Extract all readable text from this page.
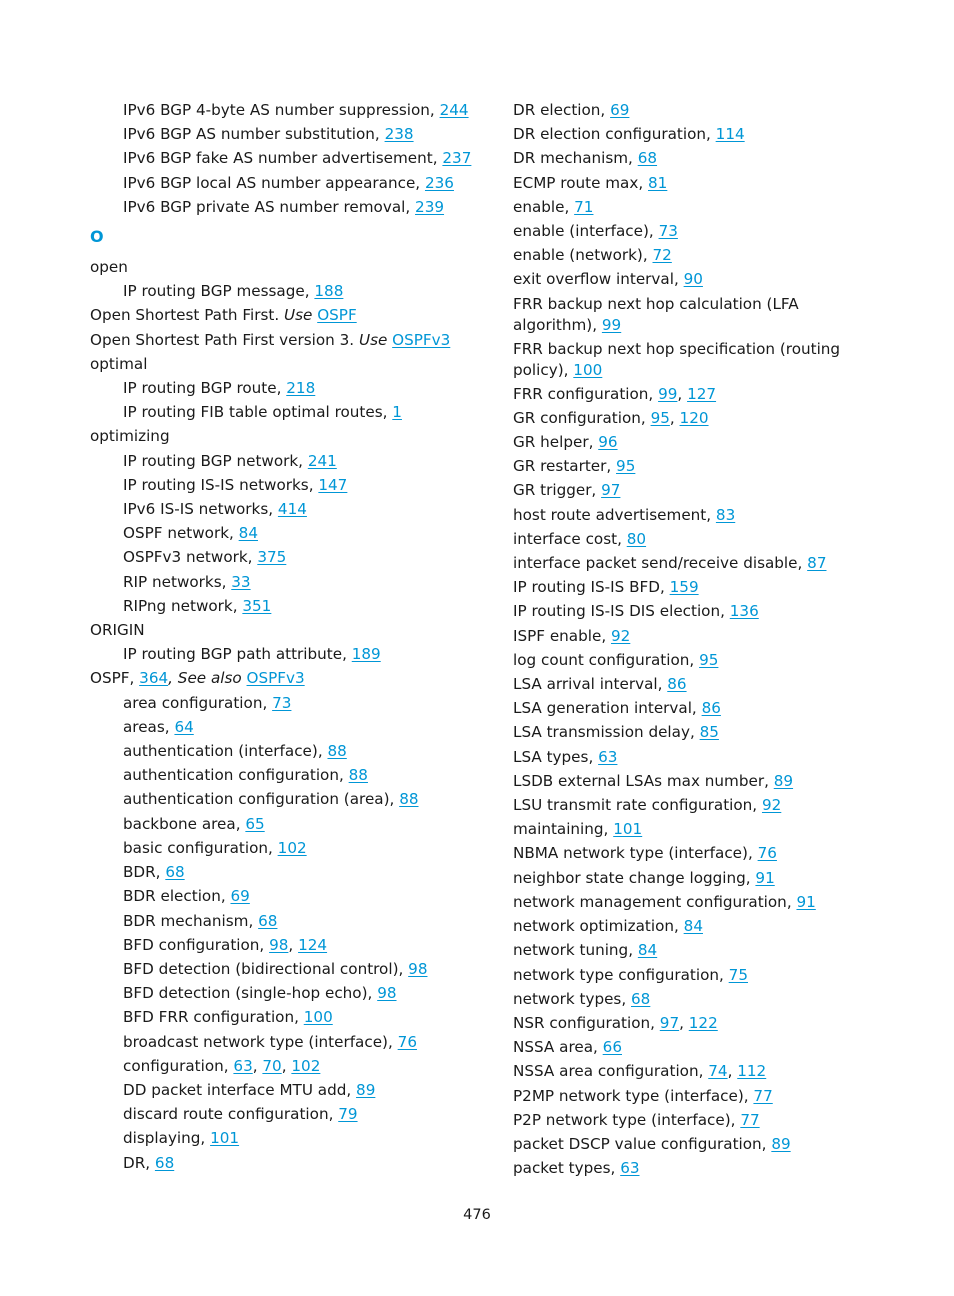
IPv6 BGP 4-byte AS number suppression, 244
IPv6 BGP AS number substitution, 238
IPv6 BGP fake AS number advertisement, 237
IPv6 BGP local AS number appearance, 236
IPv6 BGP private AS number removal, 239
O
open
IP routing BGP message, 188
Open Shortest Path First. Use OSPF
Open Shortest Path First version 3. Use OSPFv3
optimal
IP routing BGP route, 218
IP routing FIB table optimal routes, 1
optimizing
IP routing BGP network, 241
IP routing IS-IS networks, 147
IPv6 IS-IS networks, 414
OSPF network, 84
OSPFv3 network, 375
RIP networks, 33
RIPng network, 351
ORIGIN
IP routing BGP path attribute, 189
OSPF, 364, See also OSPFv3
area configuration, 73
areas, 64
authentication (interface), 88
authentication configuration, 88
authentication configuration (area), 88
backbone area, 65
basic configuration, 102
BDR, 68
BDR election, 69
BDR mechanism, 68
BFD configuration, 98, 124
BFD detection (bidirectional control), 98
BFD detection (single-hop echo), 98
BFD FRR configuration, 100
broadcast network type (interface), 76
configuration, 63, 70, 102
DD packet interface MTU add, 89
discard route configuration, 79
displaying, 101
DR, 68
DR election, 69
DR election configuration, 114
DR mechanism, 68
ECMP route max, 81
enable, 71
enable (interface), 73
enable (network), 72
exit overflow interval, 90
FRR backup next hop calculation (LFA algorithm), 99
FRR backup next hop specification (routing policy), 100
FRR configuration, 99, 127
GR configuration, 95, 120
GR helper, 96
GR restarter, 95
GR trigger, 97
host route advertisement, 83
interface cost, 80
interface packet send/receive disable, 87
IP routing IS-IS BFD, 159
IP routing IS-IS DIS election, 136
ISPF enable, 92
log count configuration, 95
LSA arrival interval, 86
LSA generation interval, 86
LSA transmission delay, 85
LSA types, 63
LSDB external LSAs max number, 89
LSU transmit rate configuration, 92
maintaining, 101
NBMA network type (interface), 76
neighbor state change logging, 91
network management configuration, 91
network optimization, 84
network tuning, 84
network type configuration, 75
network types, 68
NSR configuration, 97, 122
NSSA area, 66
NSSA area configuration, 74, 112
P2MP network type (interface), 77
P2P network type (interface), 77
packet DSCP value configuration, 89
packet types, 63
476
